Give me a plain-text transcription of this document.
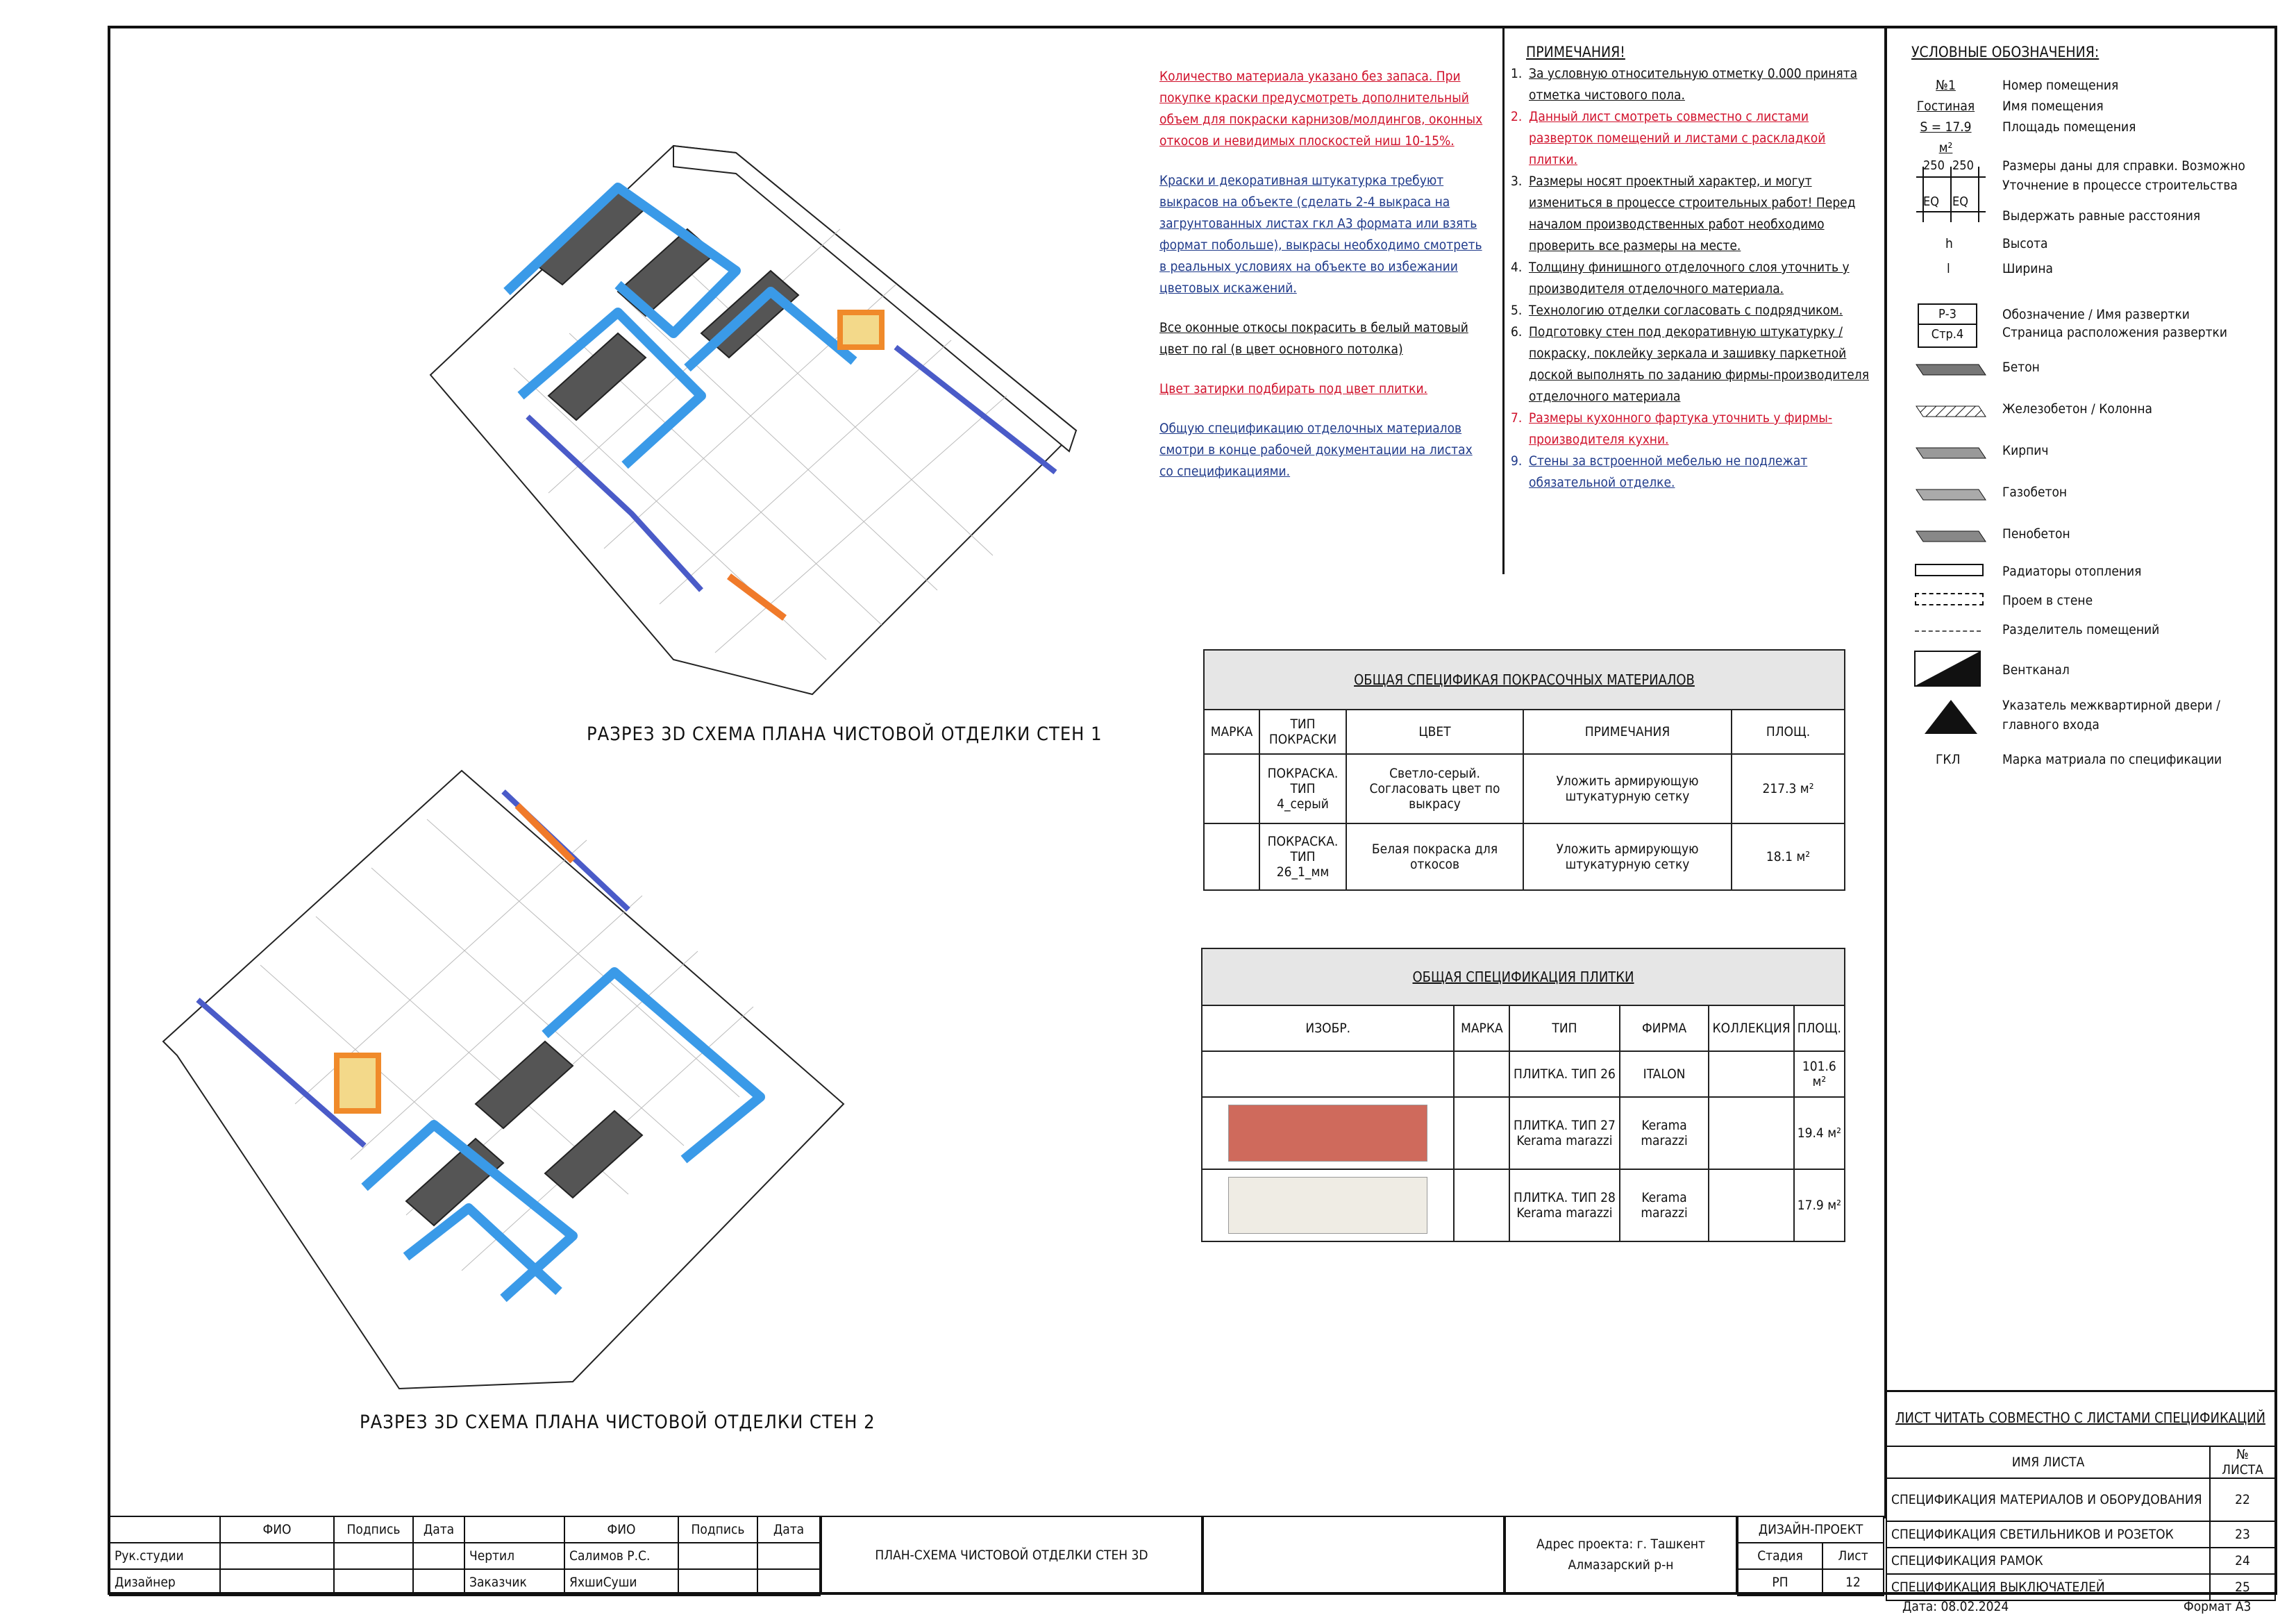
РАЗРЕЗ 3D СХЕМА ПЛАНА ЧИСТОВОЙ ОТДЕЛКИ СТЕН 1
РАЗРЕЗ 3D СХЕМА ПЛАНА ЧИСТОВОЙ ОТДЕЛКИ СТЕН 2
Количество материала указано без запаса. При покупке краски предусмотреть дополнительный объем для покраски карнизов/молдингов, оконных откосов и невидимых плоскостей ниш 10-15%.
Краски и декоративная штукатурка требуют выкрасов на объекте (сделать 2-4 выкраса на загрунтованных листах гкл А3 формата или взять формат побольше), выкрасы необходимо смотреть в реальных условиях на объекте во избежании цветовых искажений.
Все оконные откосы покрасить в белый матовый цвет по ral (в цвет основного потолка)
Цвет затирки подбирать под цвет плитки.
Общую спецификацию отделочных материалов смотри в конце рабочей документации на листах со спецификациями.
ПРИМЕЧАНИЯ!
1. За условную относительную отметку 0.000 принята отметка чистового пола.
2. Данный лист смотреть совместно с листами разверток помещений и листами с раскладкой плитки.
3. Размеры носят проектный характер, и могут измениться в процессе строительных работ! Перед началом производственных работ необходимо проверить все размеры на месте.
4. Толщину финишного отделочного слоя уточнить у производителя отделочного материала.
5. Технологию отделки согласовать с подрядчиком.
6. Подготовку стен под декоративную штукатурку / покраску, поклейку зеркала и зашивку паркетной доской выполнять по заданию фирмы-производителя отделочного материала
7. Размеры кухонного фартука уточнить у фирмы-производителя кухни.
9. Стены за встроенной мебелью не подлежат обязательной отделке.
УСЛОВНЫЕ ОБОЗНАЧЕНИЯ:
№1
Гостиная
S = 17.9 м²
Номер помещения
Имя помещения
Площадь помещения
250 250
EQ EQ
Размеры даны для справки. Возможно
Уточнение в процессе строительства
Выдержать равные расстояния
h	Высота
l	Ширина
Р-3
Стр.4
Обозначение / Имя развертки
Страница расположения развертки
Бетон
Железобетон / Колонна
Кирпич
Газобетон
Пенобетон
Радиаторы отопления
Проем в стене
Разделитель помещений
Вентканал
Указатель межквартирной двери /
главного входа
ГКЛ	Марка матриала по спецификации
ОБЩАЯ СПЕЦИФИКАЯ ПОКРАСОЧНЫХ МАТЕРИАЛОВ				
МАРКА	ТИП ПОКРАСКИ	ЦВЕТ	ПРИМЕЧАНИЯ	ПЛОЩ.
	ПОКРАСКА. ТИП 4_серый	Светло-серый. Согласовать цвет по выкрасу	Уложить армирующую штукатурную сетку	217.3 м²
	ПОКРАСКА. ТИП 26_1_мм	Белая покраска для откосов	Уложить армирующую штукатурную сетку	18.1 м²
ОБЩАЯ СПЕЦИФИКАЦИЯ ПЛИТКИ					
ИЗОБР.	МАРКА	ТИП	ФИРМА	КОЛЛЕКЦИЯ	ПЛОЩ.
		ПЛИТКА. ТИП 26	ITALON		101.6 м²

		ПЛИТКА. ТИП 27 Kerama marazzi	Kerama marazzi		19.4 м²

		ПЛИТКА. ТИП 28 Kerama marazzi	Kerama marazzi		17.9 м²
ЛИСТ ЧИТАТЬ СОВМЕСТНО С ЛИСТАМИ СПЕЦИФИКАЦИЙ
ИМЯ ЛИСТА	№ ЛИСТА
СПЕЦИФИКАЦИЯ МАТЕРИАЛОВ И ОБОРУДОВАНИЯ	22
СПЕЦИФИКАЦИЯ СВЕТИЛЬНИКОВ И РОЗЕТОК	23
СПЕЦИФИКАЦИЯ РАМОК	24
СПЕЦИФИКАЦИЯ ВЫКЛЮЧАТЕЛЕЙ	25
	ФИО	Подпись	Дата		ФИО	Подпись	Дата
Рук.студии				Чертил	Салимов Р.С.		
Дизайнер				Заказчик	ЯхшиСуши		
ПЛАН-СХЕМА ЧИСТОВОЙ ОТДЕЛКИ СТЕН 3D
Адрес проекта: г. Ташкент
Алмазарский р-н
ДИЗАЙН-ПРОЕКТ	
Стадия	Лист
РП	12
Дата: 08.02.2024	Формат А3
